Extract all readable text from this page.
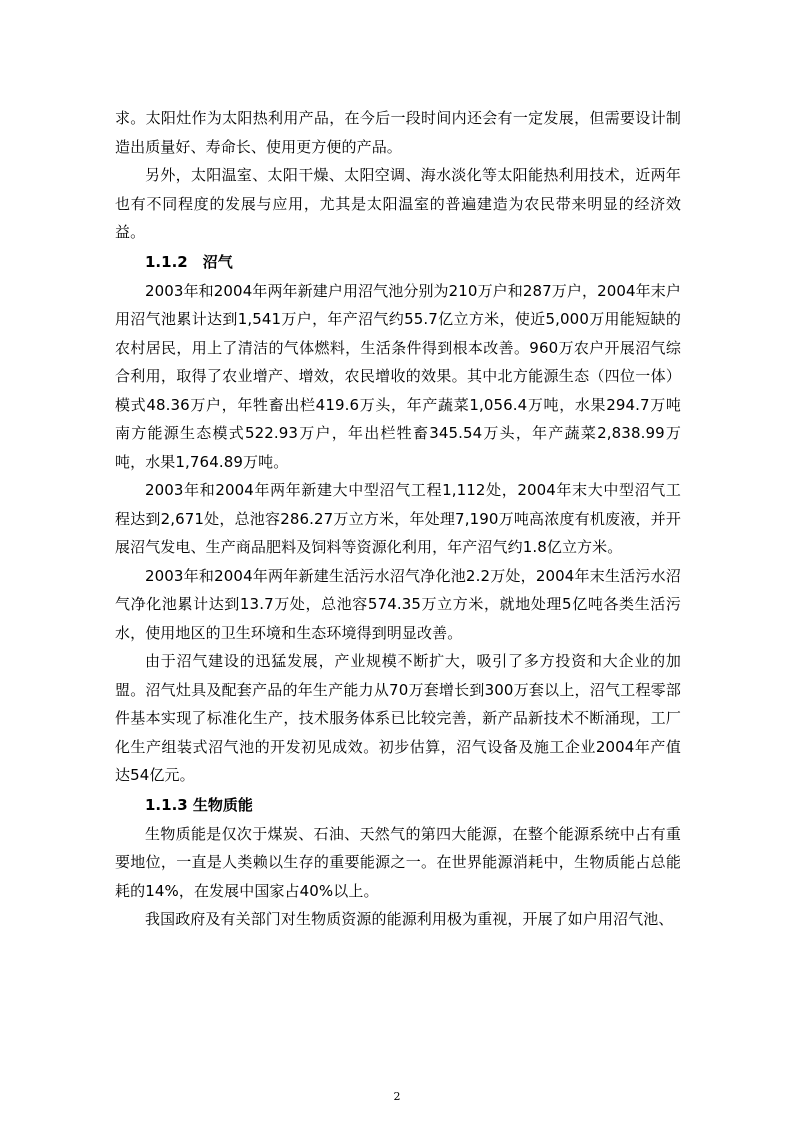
求。太阳灶作为太阳热利用产品，在今后一段时间内还会有一定发展，但需要设计制造出质量好、寿命长、使用更方便的产品。

另外，太阳温室、太阳干燥、太阳空调、海水淡化等太阳能热利用技术，近两年也有不同程度的发展与应用，尤其是太阳温室的普遍建造为农民带来明显的经济效益。

1.1.2　沼气

2003年和2004年两年新建户用沼气池分别为210万户和287万户，2004年末户用沼气池累计达到1,541万户，年产沼气约55.7亿立方米，使近5,000万用能短缺的农村居民，用上了清洁的气体燃料，生活条件得到根本改善。960万农户开展沼气综合利用，取得了农业增产、增效，农民增收的效果。其中北方能源生态（四位一体）模式48.36万户，年牲畜出栏419.6万头，年产蔬菜1,056.4万吨，水果294.7万吨 南方能源生态模式522.93万户，年出栏牲畜345.54万头，年产蔬菜2,838.99万吨，水果1,764.89万吨。

2003年和2004年两年新建大中型沼气工程1,112处，2004年末大中型沼气工程达到2,671处，总池容286.27万立方米，年处理7,190万吨高浓度有机废液，并开展沼气发电、生产商品肥料及饲料等资源化利用，年产沼气约1.8亿立方米。

2003年和2004年两年新建生活污水沼气净化池2.2万处，2004年末生活污水沼气净化池累计达到13.7万处，总池容574.35万立方米，就地处理5亿吨各类生活污水，使用地区的卫生环境和生态环境得到明显改善。

由于沼气建设的迅猛发展，产业规模不断扩大，吸引了多方投资和大企业的加盟。沼气灶具及配套产品的年生产能力从70万套增长到300万套以上，沼气工程零部件基本实现了标准化生产，技术服务体系已比较完善，新产品新技术不断涌现，工厂化生产组装式沼气池的开发初见成效。初步估算，沼气设备及施工企业2004年产值达54亿元。

1.1.3 生物质能

生物质能是仅次于煤炭、石油、天然气的第四大能源，在整个能源系统中占有重要地位，一直是人类赖以生存的重要能源之一。在世界能源消耗中，生物质能占总能耗的14%，在发展中国家占40%以上。

我国政府及有关部门对生物质资源的能源利用极为重视，开展了如户用沼气池、

2
